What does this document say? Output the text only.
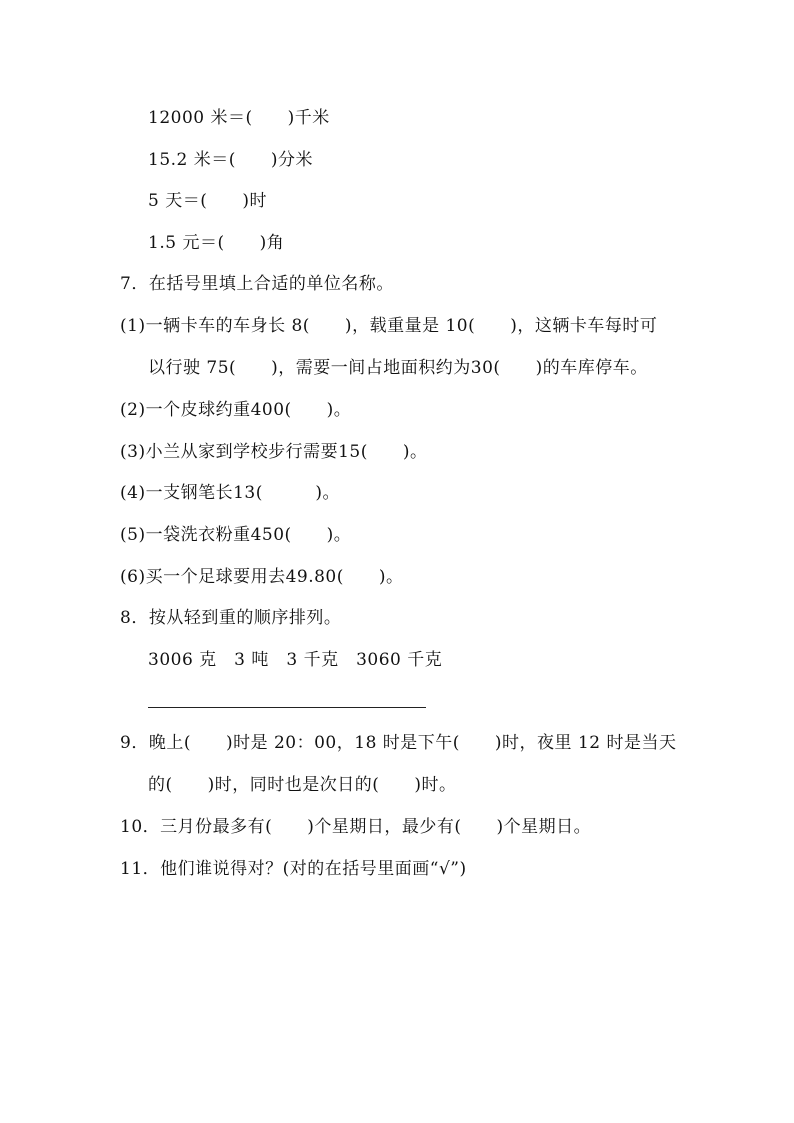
12000 米＝(　　)千米
15.2 米＝(　　)分米
5 天＝(　　)时
1.5 元＝(　　)角
7．在括号里填上合适的单位名称。
(1)一辆卡车的车身长 8(　　)，载重量是 10(　　)，这辆卡车每时可
以行驶 75(　　)，需要一间占地面积约为30(　　)的车库停车。
(2)一个皮球约重400(　　)。
(3)小兰从家到学校步行需要15(　　)。
(4)一支钢笔长13(　　　)。
(5)一袋洗衣粉重450(　　)。
(6)买一个足球要用去49.80(　　)。
8．按从轻到重的顺序排列。
3006 克　3 吨　3 千克　3060 千克
9．晚上(　　)时是 20：00，18 时是下午(　　)时，夜里 12 时是当天
的(　　)时，同时也是次日的(　　)时。
10．三月份最多有(　　)个星期日，最少有(　　)个星期日。
11．他们谁说得对？(对的在括号里面画“√”)
